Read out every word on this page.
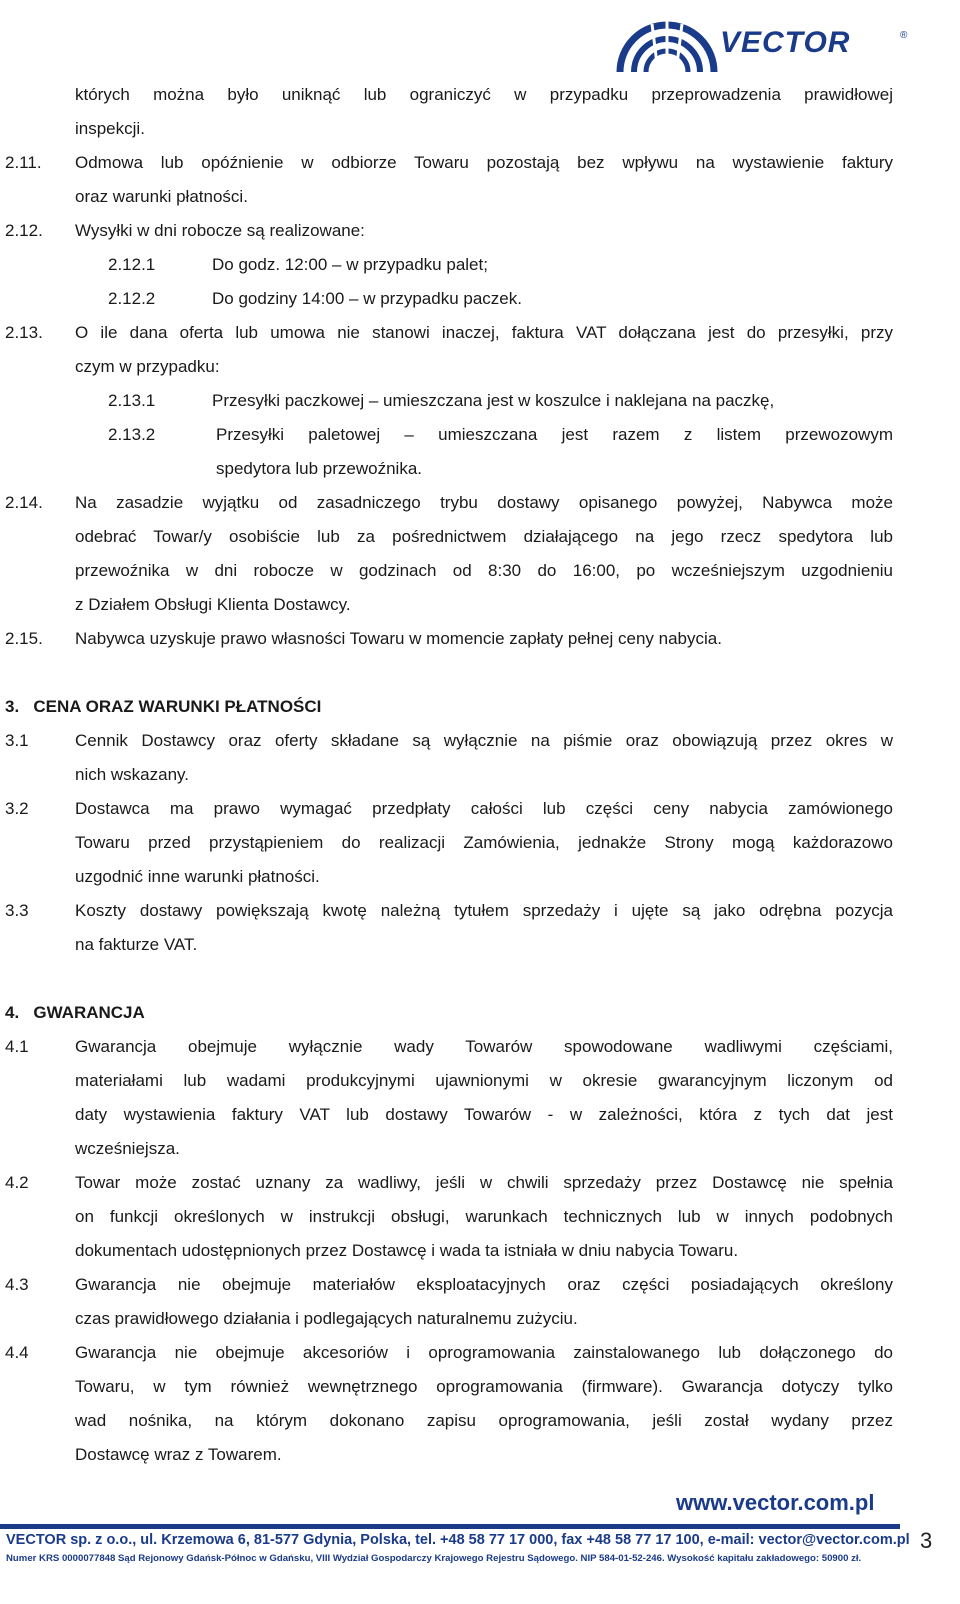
VECTOR	®
których można było uniknąć lub ograniczyć w przypadku przeprowadzenia prawidłowej
inspekcji.
2.11. Odmowa lub opóźnienie w odbiorze Towaru pozostają bez wpływu na wystawienie faktury
oraz warunki płatności.
2.12. Wysyłki w dni robocze są realizowane:
2.12.1	Do godz. 12:00 – w przypadku palet;
2.12.2	Do godziny 14:00 – w przypadku paczek.
2.13. O ile dana oferta lub umowa nie stanowi inaczej, faktura VAT dołączana jest do przesyłki, przy
czym w przypadku:
2.13.1	Przesyłki paczkowej – umieszczana jest w koszulce i naklejana na paczkę,
2.13.2	Przesyłki paletowej – umieszczana jest razem z listem przewozowym
spedytora lub przewoźnika.
2.14. Na zasadzie wyjątku od zasadniczego trybu dostawy opisanego powyżej, Nabywca może
odebrać Towar/y osobiście lub za pośrednictwem działającego na jego rzecz spedytora lub
przewoźnika w dni robocze w godzinach od 8:30 do 16:00, po wcześniejszym uzgodnieniu
z Działem Obsługi Klienta Dostawcy.
2.15. Nabywca uzyskuje prawo własności Towaru w momencie zapłaty pełnej ceny nabycia.
3.   CENA ORAZ WARUNKI PŁATNOŚCI
3.1	Cennik Dostawcy oraz oferty składane są wyłącznie na piśmie oraz obowiązują przez okres w
nich wskazany.
3.2	Dostawca ma prawo wymagać przedpłaty całości lub części ceny nabycia zamówionego
Towaru przed przystąpieniem do realizacji Zamówienia, jednakże Strony mogą każdorazowo
uzgodnić inne warunki płatności.
3.3	Koszty dostawy powiększają kwotę należną tytułem sprzedaży i ujęte są jako odrębna pozycja
na fakturze VAT.
4.   GWARANCJA
4.1	Gwarancja obejmuje wyłącznie wady Towarów spowodowane wadliwymi częściami,
materiałami lub wadami produkcyjnymi ujawnionymi w okresie gwarancyjnym liczonym od
daty wystawienia faktury VAT lub dostawy Towarów - w zależności, która z tych dat jest
wcześniejsza.
4.2	Towar może zostać uznany za wadliwy, jeśli w chwili sprzedaży przez Dostawcę nie spełnia
on funkcji określonych w instrukcji obsługi, warunkach technicznych lub w innych podobnych
dokumentach udostępnionych przez Dostawcę i wada ta istniała w dniu nabycia Towaru.
4.3	Gwarancja nie obejmuje materiałów eksploatacyjnych oraz części posiadających określony
czas prawidłowego działania i podlegających naturalnemu zużyciu.
4.4	Gwarancja nie obejmuje akcesoriów i oprogramowania zainstalowanego lub dołączonego do
Towaru, w tym również wewnętrznego oprogramowania (firmware). Gwarancja dotyczy tylko
wad nośnika, na którym dokonano zapisu oprogramowania, jeśli został wydany przez
Dostawcę wraz z Towarem.
www.vector.com.pl
VECTOR sp. z o.o., ul. Krzemowa 6, 81-577 Gdynia, Polska, tel. +48 58 77 17 000, fax +48 58 77 17 100, e-mail: vector@vector.com.pl
Numer KRS 0000077848 Sąd Rejonowy Gdańsk-Północ w Gdańsku, VIII Wydział Gospodarczy Krajowego Rejestru Sądowego. NIP 584-01-52-246. Wysokość kapitału zakładowego: 50900 zł.
3
